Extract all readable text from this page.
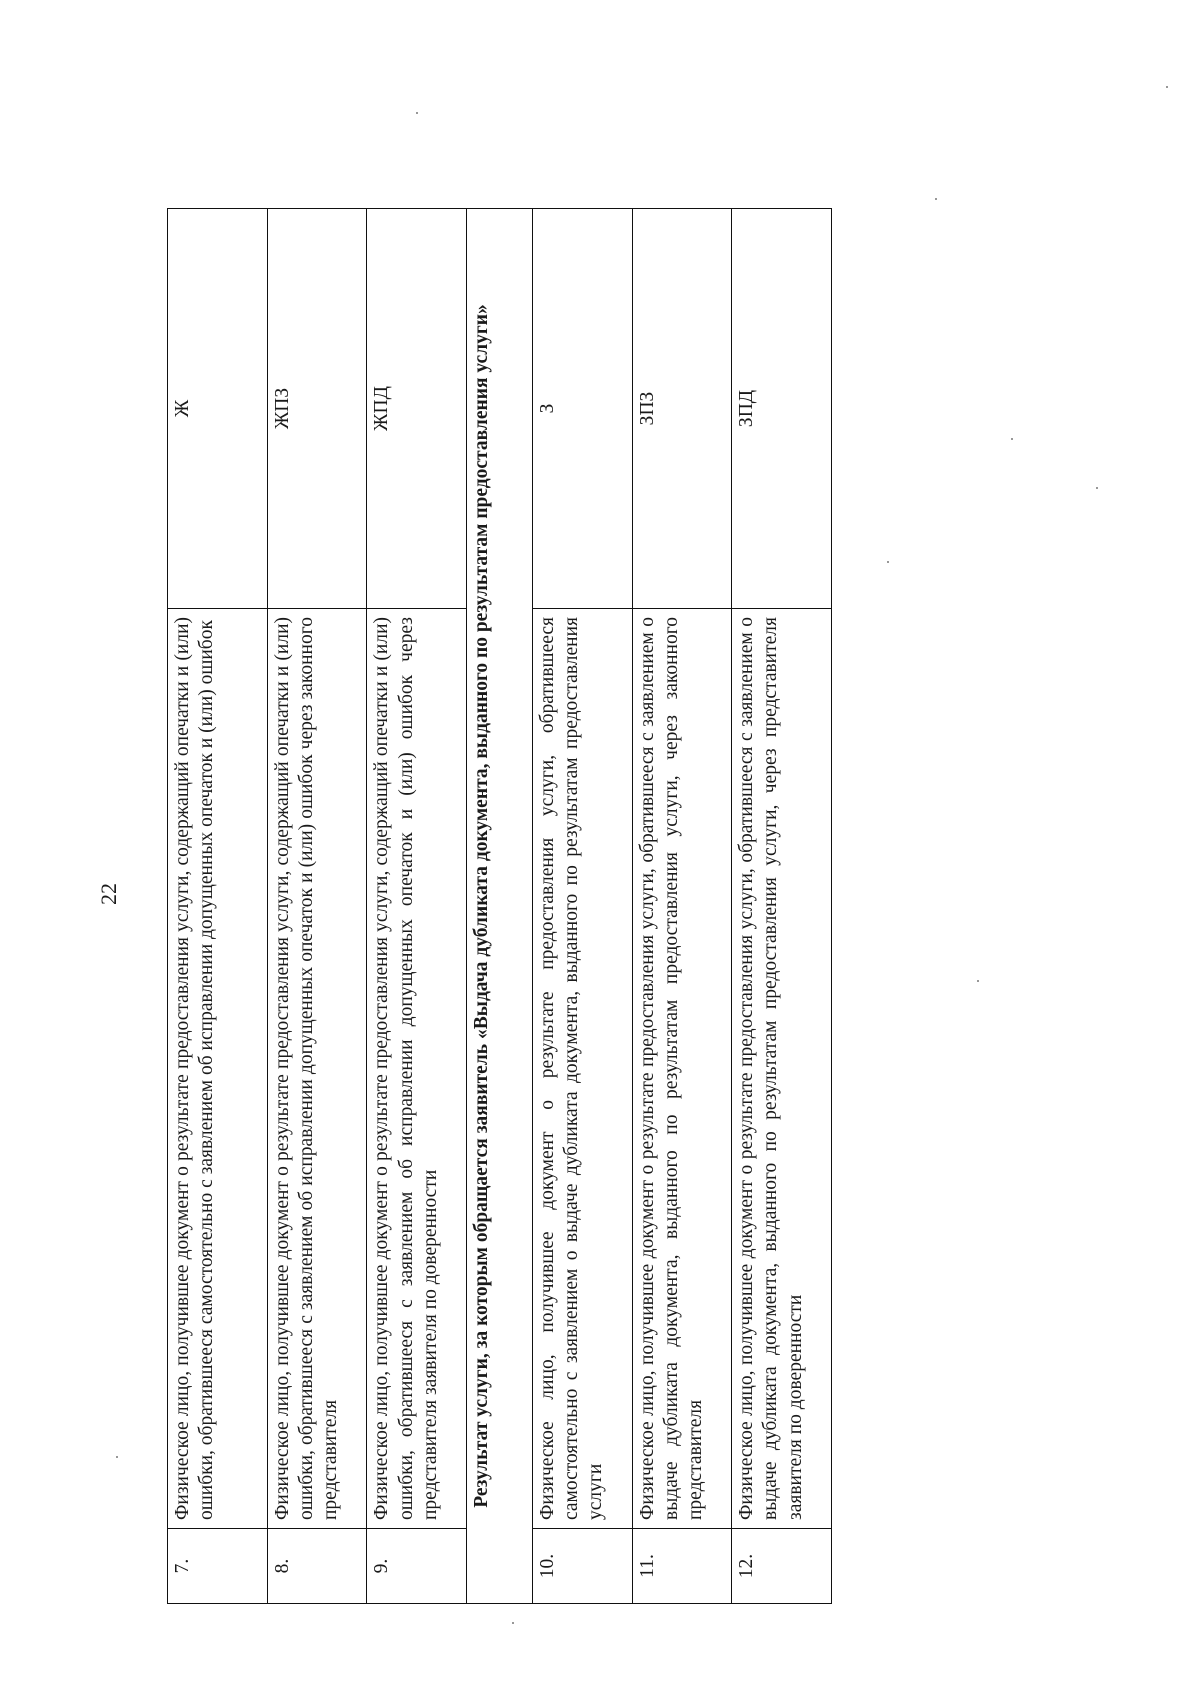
22
7.	Физическое лицо, получившее документ о результате предоставления услуги, содержащий опечатки и (или) ошибки, обратившееся самостоятельно с заявлением об исправлении допущенных опечаток и (или) ошибок	Ж
8.	Физическое лицо, получившее документ о результате предоставления услуги, содержащий опечатки и (или) ошибки, обратившееся с заявлением об исправлении допущенных опечаток и (или) ошибок через законного представителя	ЖПЗ
9.	Физическое лицо, получившее документ о результате предоставления услуги, содержащий опечатки и (или) ошибки, обратившееся с заявлением об исправлении допущенных опечаток и (или) ошибок через представителя заявителя по доверенности	ЖПД
Результат услуги, за которым обращается заявитель «Выдача дубликата документа, выданного по результатам предоставления услуги»		
10.	Физическое лицо, получившее документ о результате предоставления услуги, обратившееся самостоятельно с заявлением о выдаче дубликата документа, выданного по результатам предоставления услуги	З
11.	Физическое лицо, получившее документ о результате предоставления услуги, обратившееся с заявлением о выдаче дубликата документа, выданного по результатам предоставления услуги, через законного представителя	ЗПЗ
12.	Физическое лицо, получившее документ о результате предоставления услуги, обратившееся с заявлением о выдаче дубликата документа, выданного по результатам предоставления услуги, через представителя заявителя по доверенности	ЗПД
